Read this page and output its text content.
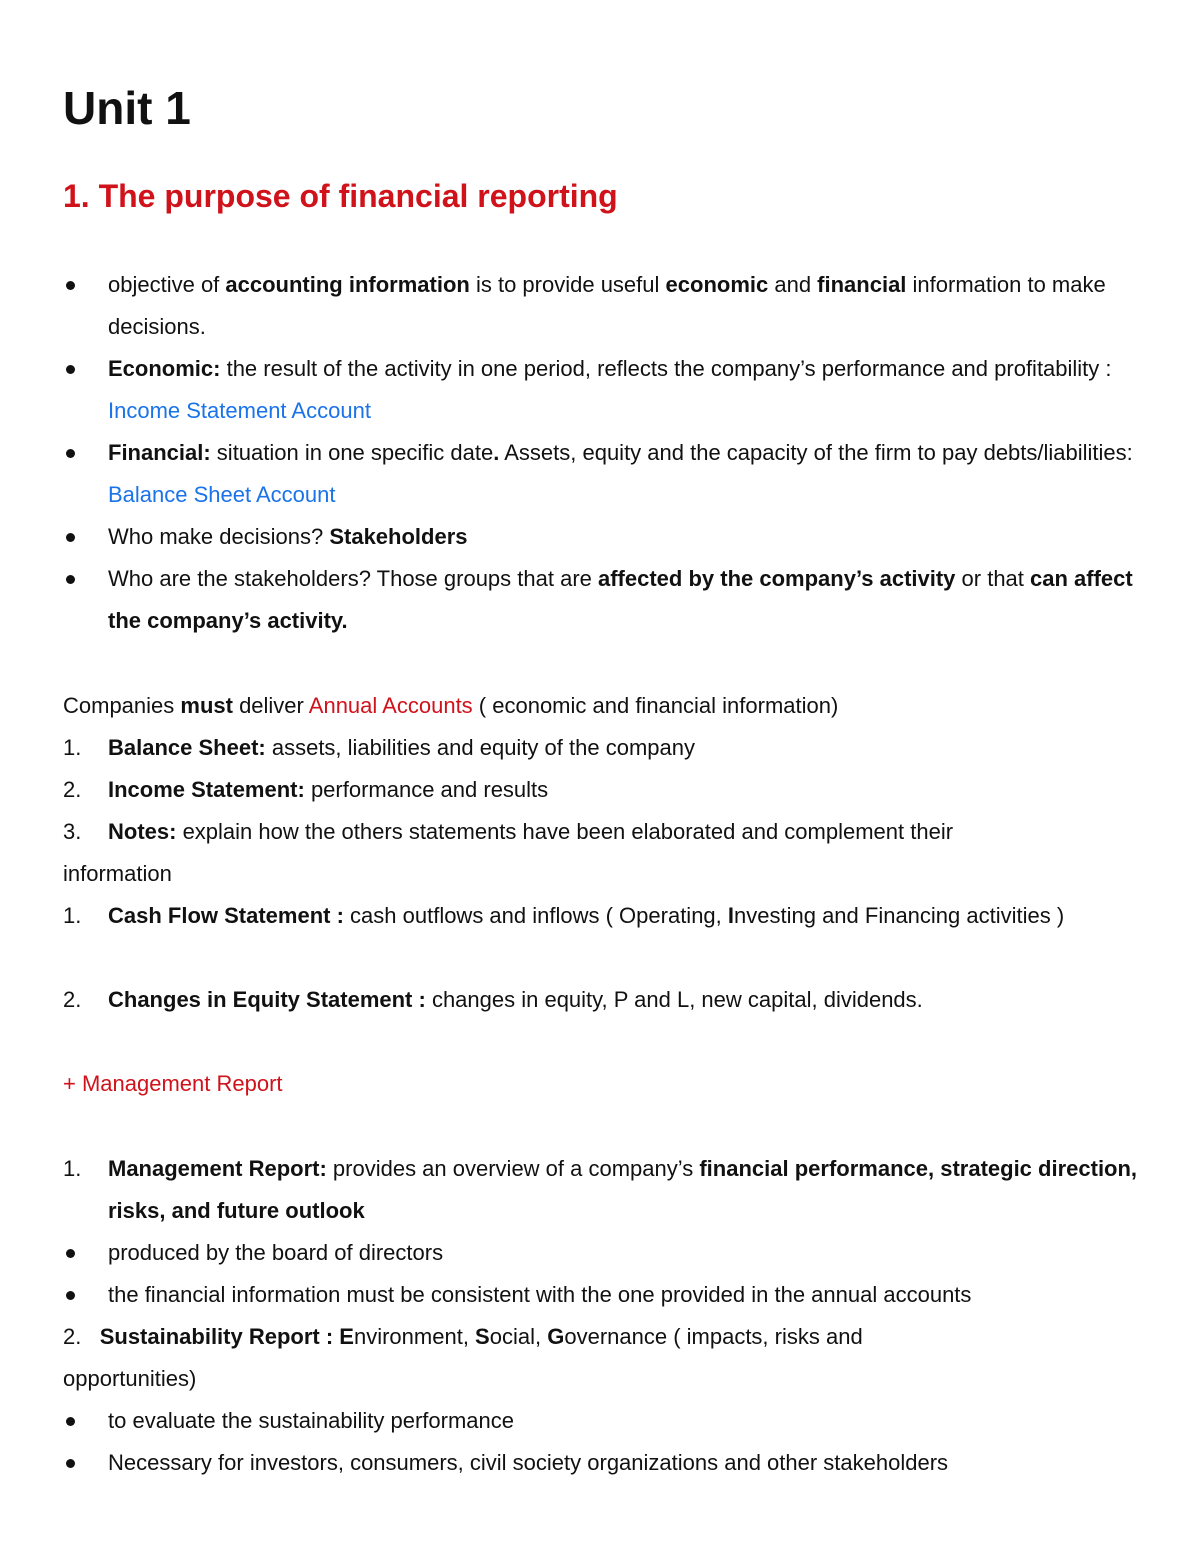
Unit 1
1. The purpose of financial reporting
objective of accounting information is to provide useful economic and financial information to make decisions.
Economic: the result of the activity in one period, reflects the company’s performance and profitability : Income Statement Account
Financial: situation in one specific date. Assets, equity and the capacity of the firm to pay debts/liabilities: Balance Sheet Account
Who make decisions? Stakeholders
Who are the stakeholders? Those groups that are affected by the company’s activity or that can affect the company’s activity.

Companies must deliver Annual Accounts ( economic and financial information)

1. Balance Sheet: assets, liabilities and equity of the company
2. Income Statement: performance and results
3. Notes: explain how the others statements have been elaborated and complement their

information

1. Cash Flow Statement : cash outflows and inflows ( Operating, Investing and Financing activities )
2. Changes in Equity Statement : changes in equity, P and L, new capital, dividends.

+ Management Report

1. Management Report: provides an overview of a company’s financial performance, strategic direction, risks, and future outlook
produced by the board of directors
the financial information must be consistent with the one provided in the annual accounts

2. Sustainability Report : Environment, Social, Governance ( impacts, risks and

opportunities)

to evaluate the sustainability performance
Necessary for investors, consumers, civil society organizations and other stakeholders
